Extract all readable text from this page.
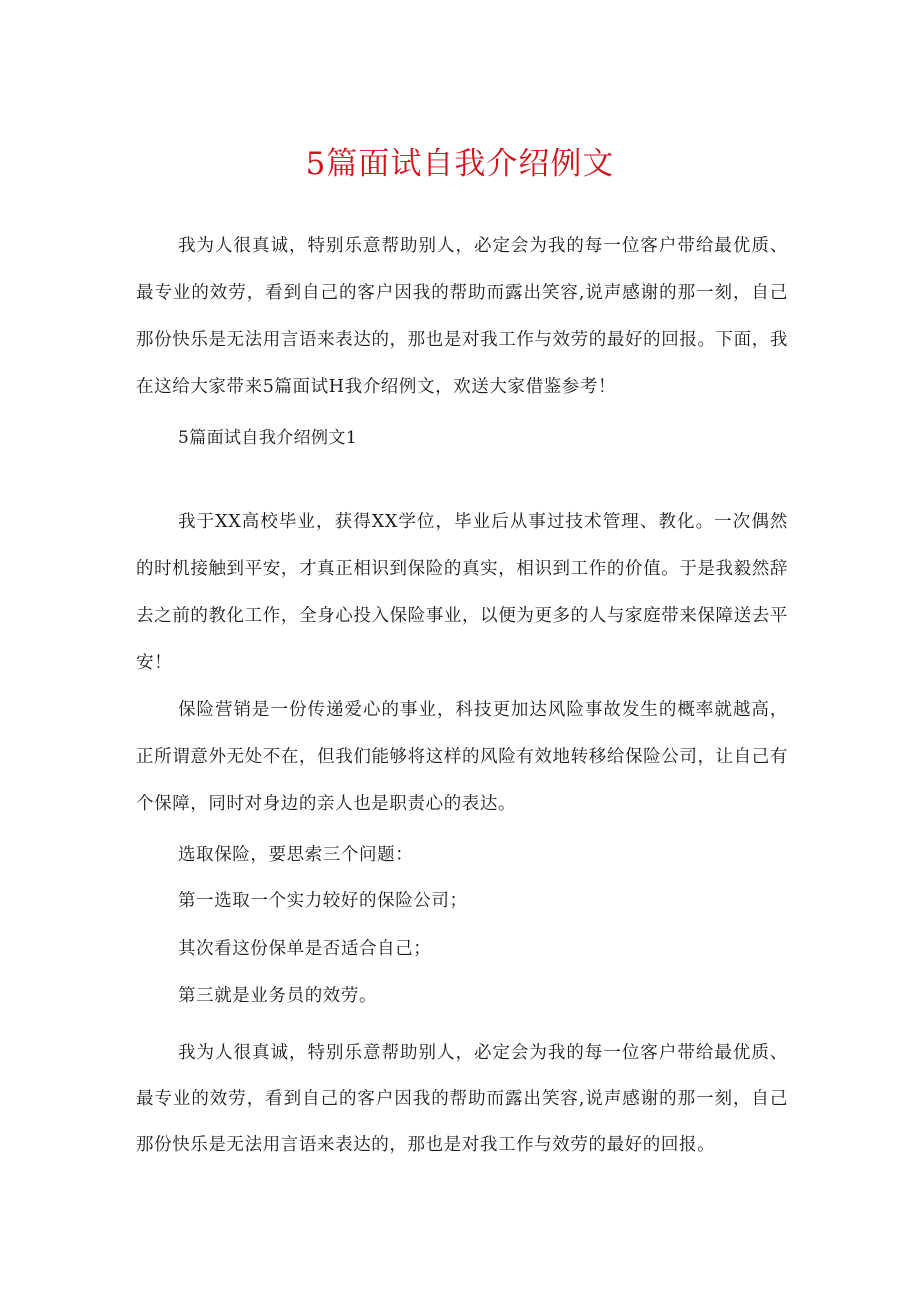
5篇面试自我介绍例文

我为人很真诚，特别乐意帮助别人，必定会为我的每一位客户带给最优质、最专业的效劳，看到自己的客户因我的帮助而露出笑容,说声感谢的那一刻，自己那份快乐是无法用言语来表达的，那也是对我工作与效劳的最好的回报。下面，我在这给大家带来5篇面试H我介绍例文，欢送大家借鉴参考！

5篇面试自我介绍例文1

我于XX高校毕业，获得XX学位，毕业后从事过技术管理、教化。一次偶然的时机接触到平安，才真正相识到保险的真实，相识到工作的价值。于是我毅然辞去之前的教化工作，全身心投入保险事业，以便为更多的人与家庭带来保障送去平安！

保险营销是一份传递爱心的事业，科技更加达风险事故发生的概率就越高，正所谓意外无处不在，但我们能够将这样的风险有效地转移给保险公司，让自己有个保障，同时对身边的亲人也是职责心的表达。

选取保险，要思索三个问题：
第一选取一个实力较好的保险公司；
其次看这份保单是否适合自己；
第三就是业务员的效劳。

我为人很真诚，特别乐意帮助别人，必定会为我的每一位客户带给最优质、最专业的效劳，看到自己的客户因我的帮助而露出笑容,说声感谢的那一刻，自己那份快乐是无法用言语来表达的，那也是对我工作与效劳的最好的回报。
